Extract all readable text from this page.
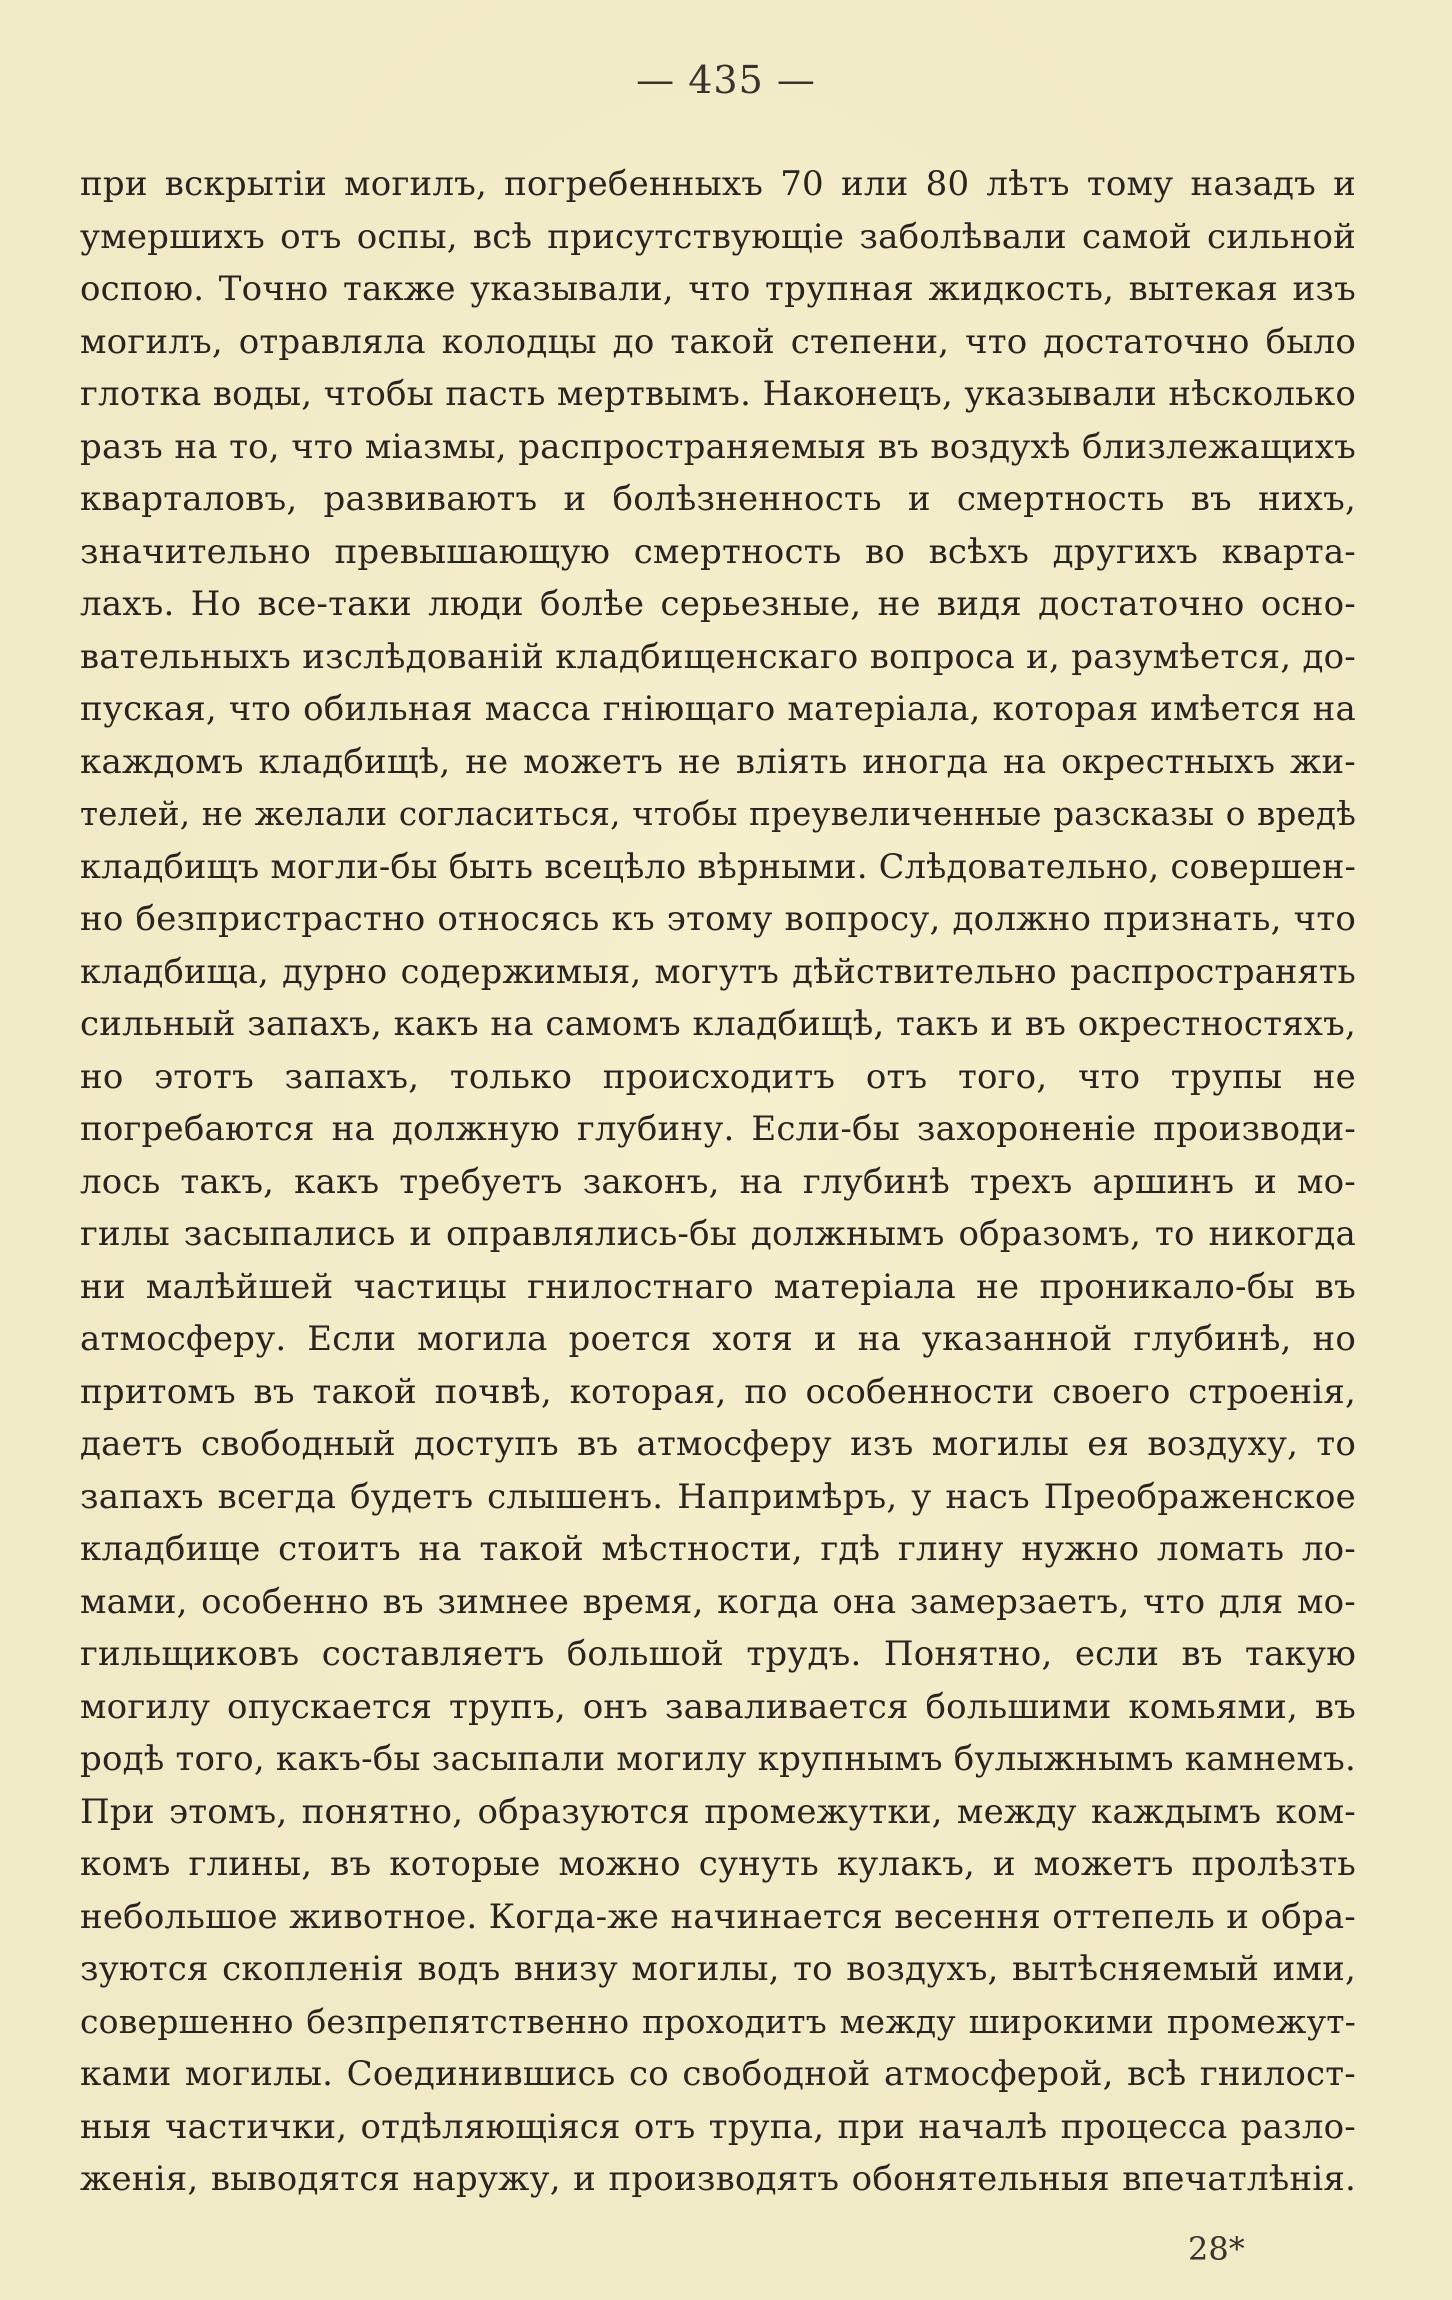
— 435 —
при вскрытіи могилъ, погребенныхъ 70 или 80 лѣтъ тому назадъ и
умершихъ отъ оспы, всѣ присутствующіе заболѣвали самой сильной
оспою. Точно также указывали, что трупная жидкость, вытекая изъ
могилъ, отравляла колодцы до такой степени, что достаточно было
глотка воды, чтобы пасть мертвымъ. Наконецъ, указывали нѣсколько
разъ на то, что міазмы, распространяемыя въ воздухѣ близлежащихъ
кварталовъ, развиваютъ и болѣзненность и смертность въ нихъ,
значительно превышающую смертность во всѣхъ другихъ кварта-
лахъ. Но все-таки люди болѣе серьезные, не видя достаточно осно-
вательныхъ изслѣдованій кладбищенскаго вопроса и, разумѣется, до-
пуская, что обильная масса гніющаго матеріала, которая имѣется на
каждомъ кладбищѣ, не можетъ не вліять иногда на окрестныхъ жи-
телей, не желали согласиться, чтобы преувеличенные разсказы о вредѣ
кладбищъ могли-бы быть всецѣло вѣрными. Слѣдовательно, совершен-
но безпристрастно относясь къ этому вопросу, должно признать, что
кладбища, дурно содержимыя, могутъ дѣйствительно распространять
сильный запахъ, какъ на самомъ кладбищѣ, такъ и въ окрестностяхъ,
но этотъ запахъ, только происходитъ отъ того, что трупы не
погребаются на должную глубину. Если-бы захороненіе производи-
лось такъ, какъ требуетъ законъ, на глубинѣ трехъ аршинъ и мо-
гилы засыпались и оправлялись-бы должнымъ образомъ, то никогда
ни малѣйшей частицы гнилостнаго матеріала не проникало-бы въ
атмосферу. Если могила роется хотя и на указанной глубинѣ, но
притомъ въ такой почвѣ, которая, по особенности своего строенія,
даетъ свободный доступъ въ атмосферу изъ могилы ея воздуху, то
запахъ всегда будетъ слышенъ. Напримѣръ, у насъ Преображенское
кладбище стоитъ на такой мѣстности, гдѣ глину нужно ломать ло-
мами, особенно въ зимнее время, когда она замерзаетъ, что для мо-
гильщиковъ составляетъ большой трудъ. Понятно, если въ такую
могилу опускается трупъ, онъ заваливается большими комьями, въ
родѣ того, какъ-бы засыпали могилу крупнымъ булыжнымъ камнемъ.
При этомъ, понятно, образуются промежутки, между каждымъ ком-
комъ глины, въ которые можно сунуть кулакъ, и можетъ пролѣзть
небольшое животное. Когда-же начинается весення оттепель и обра-
зуются скопленія водъ внизу могилы, то воздухъ, вытѣсняемый ими,
совершенно безпрепятственно проходитъ между широкими промежут-
ками могилы. Соединившись со свободной атмосферой, всѣ гнилост-
ныя частички, отдѣляющіяся отъ трупа, при началѣ процесса разло-
женія, выводятся наружу, и производятъ обонятельныя впечатлѣнія.
28*
